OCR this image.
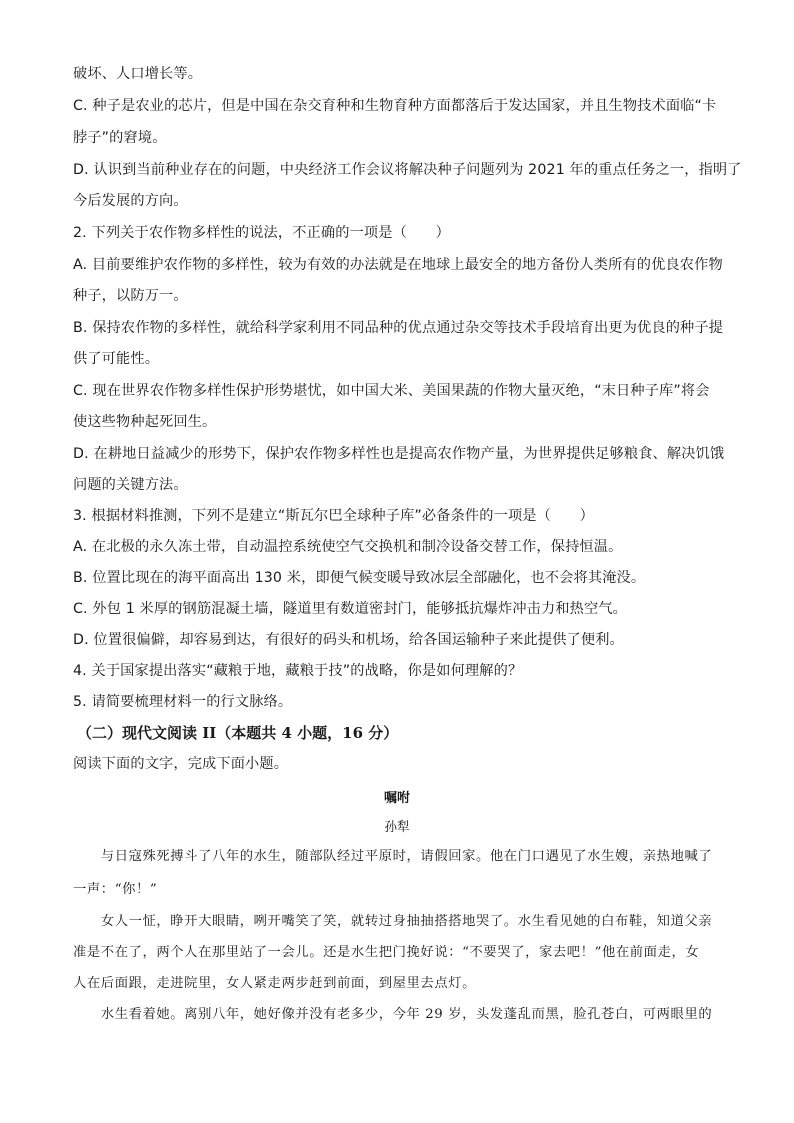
破坏、人口增长等。
C. 种子是农业的芯片，但是中国在杂交育种和生物育种方面都落后于发达国家，并且生物技术面临“卡
脖子”的窘境。
D. 认识到当前种业存在的问题，中央经济工作会议将解决种子问题列为 2021 年的重点任务之一，指明了
今后发展的方向。
2. 下列关于农作物多样性的说法，不正确的一项是（　　）
A. 目前要维护农作物的多样性，较为有效的办法就是在地球上最安全的地方备份人类所有的优良农作物
种子，以防万一。
B. 保持农作物的多样性，就给科学家利用不同品种的优点通过杂交等技术手段培育出更为优良的种子提
供了可能性。
C. 现在世界农作物多样性保护形势堪忧，如中国大米、美国果蔬的作物大量灭绝，“末日种子库”将会
使这些物种起死回生。
D. 在耕地日益减少的形势下，保护农作物多样性也是提高农作物产量，为世界提供足够粮食、解决饥饿
问题的关键方法。
3. 根据材料推测，下列不是建立“斯瓦尔巴全球种子库”必备条件的一项是（　　）
A. 在北极的永久冻土带，自动温控系统使空气交换机和制冷设备交替工作，保持恒温。
B. 位置比现在的海平面高出 130 米，即便气候变暖导致冰层全部融化，也不会将其淹没。
C. 外包 1 米厚的钢筋混凝土墙，隧道里有数道密封门，能够抵抗爆炸冲击力和热空气。
D. 位置很偏僻，却容易到达，有很好的码头和机场，给各国运输种子来此提供了便利。
4. 关于国家提出落实“藏粮于地，藏粮于技”的战略，你是如何理解的？
5. 请简要梳理材料一的行文脉络。
（二）现代文阅读 II（本题共 4 小题，16 分）
阅读下面的文字，完成下面小题。
嘱咐
孙犁
　　与日寇殊死搏斗了八年的水生，随部队经过平原时，请假回家。他在门口遇见了水生嫂，亲热地喊了
一声：“你！”
　　女人一怔，睁开大眼睛，咧开嘴笑了笑，就转过身抽抽搭搭地哭了。水生看见她的白布鞋，知道父亲
准是不在了，两个人在那里站了一会儿。还是水生把门挽好说：“不要哭了，家去吧！”他在前面走，女
人在后面跟，走进院里，女人紧走两步赶到前面，到屋里去点灯。
　　水生看着她。离别八年，她好像并没有老多少，今年 29 岁，头发蓬乱而黑，脸孔苍白，可两眼里的
